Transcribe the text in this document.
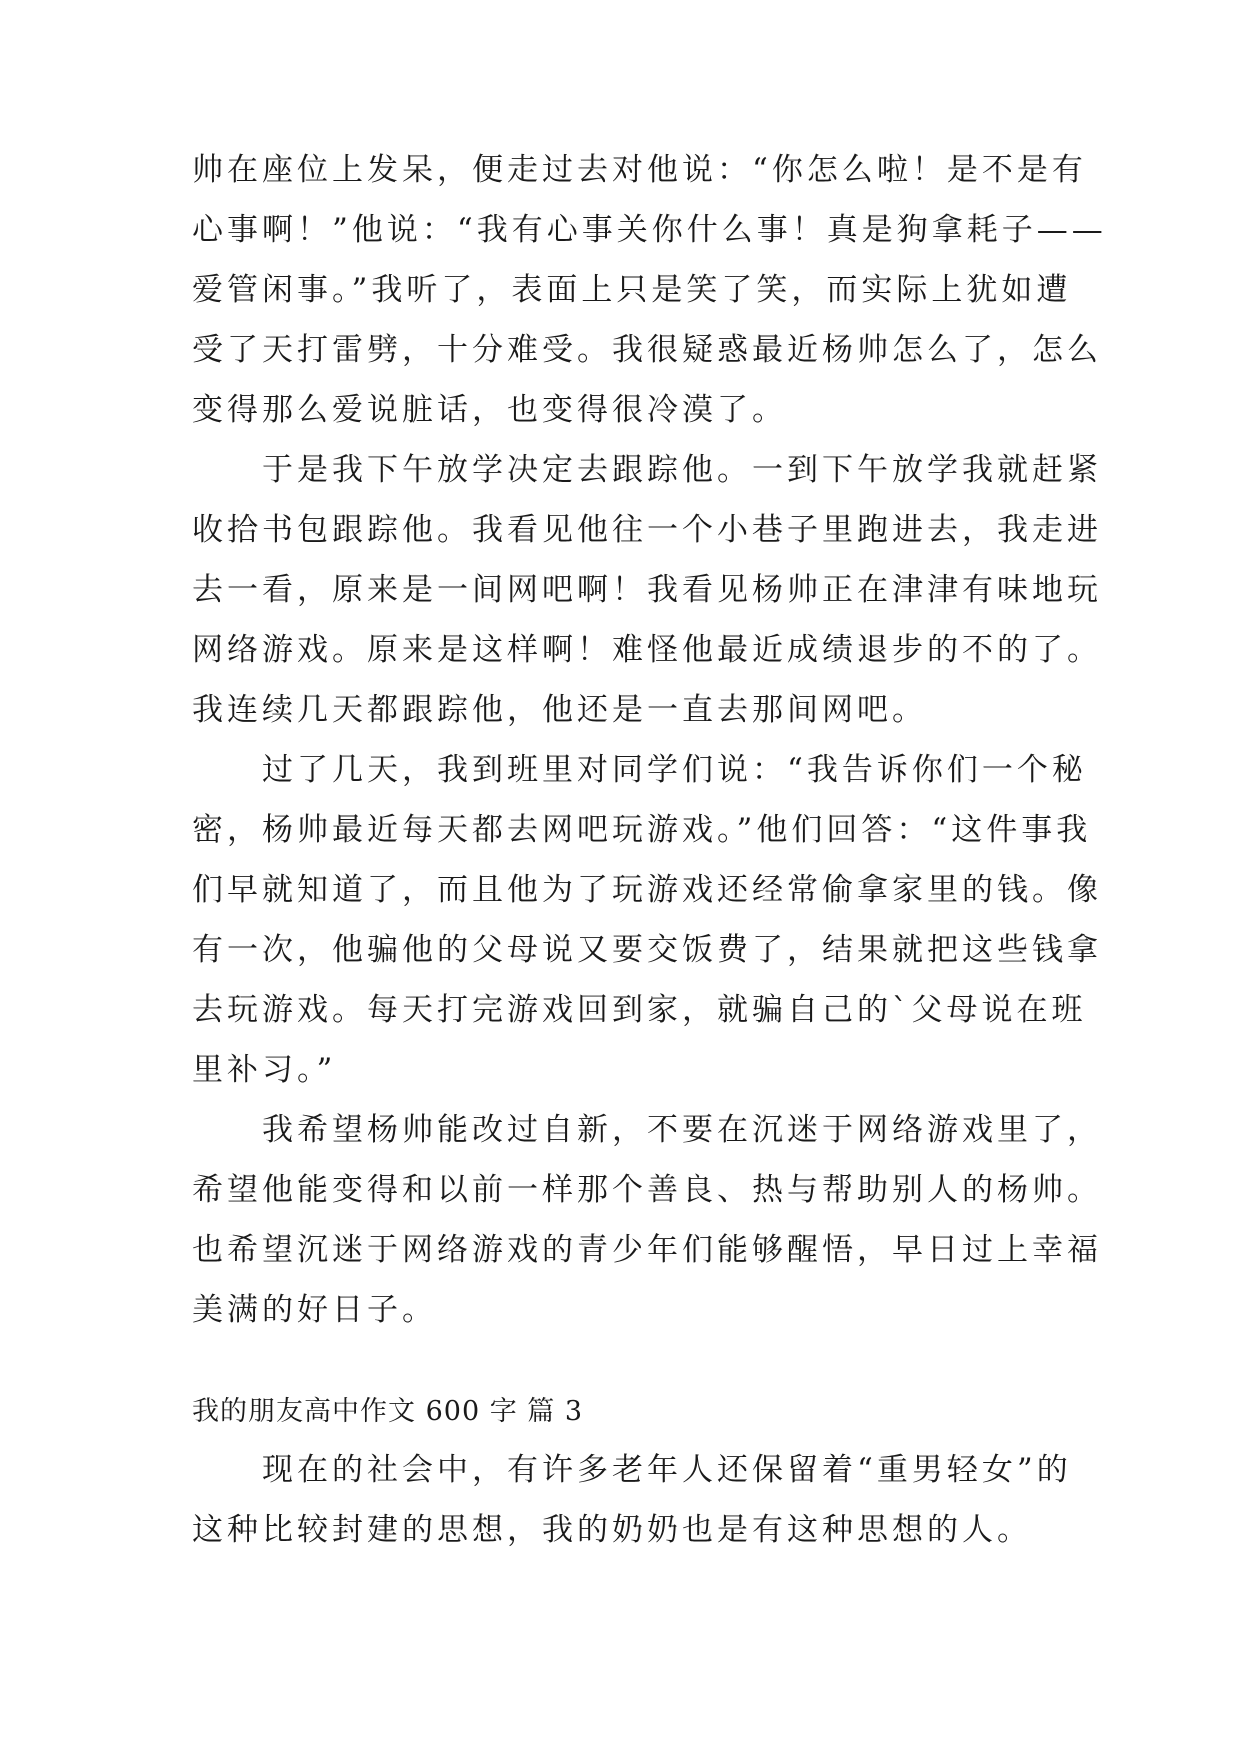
帅在座位上发呆，便走过去对他说：“你怎么啦！是不是有
心事啊！”他说：“我有心事关你什么事！真是狗拿耗子——
爱管闲事。”我听了，表面上只是笑了笑，而实际上犹如遭
受了天打雷劈，十分难受。我很疑惑最近杨帅怎么了，怎么
变得那么爱说脏话，也变得很冷漠了。
　　于是我下午放学决定去跟踪他。一到下午放学我就赶紧
收拾书包跟踪他。我看见他往一个小巷子里跑进去，我走进
去一看，原来是一间网吧啊！我看见杨帅正在津津有味地玩
网络游戏。原来是这样啊！难怪他最近成绩退步的不的了。
我连续几天都跟踪他，他还是一直去那间网吧。
　　过了几天，我到班里对同学们说：“我告诉你们一个秘
密，杨帅最近每天都去网吧玩游戏。”他们回答：“这件事我
们早就知道了，而且他为了玩游戏还经常偷拿家里的钱。像
有一次，他骗他的父母说又要交饭费了，结果就把这些钱拿
去玩游戏。每天打完游戏回到家，就骗自己的`父母说在班
里补习。”
　　我希望杨帅能改过自新，不要在沉迷于网络游戏里了，
希望他能变得和以前一样那个善良、热与帮助别人的杨帅。
也希望沉迷于网络游戏的青少年们能够醒悟，早日过上幸福
美满的好日子。
我的朋友高中作文 600 字 篇 3
　　现在的社会中，有许多老年人还保留着“重男轻女”的
这种比较封建的思想，我的奶奶也是有这种思想的人。
